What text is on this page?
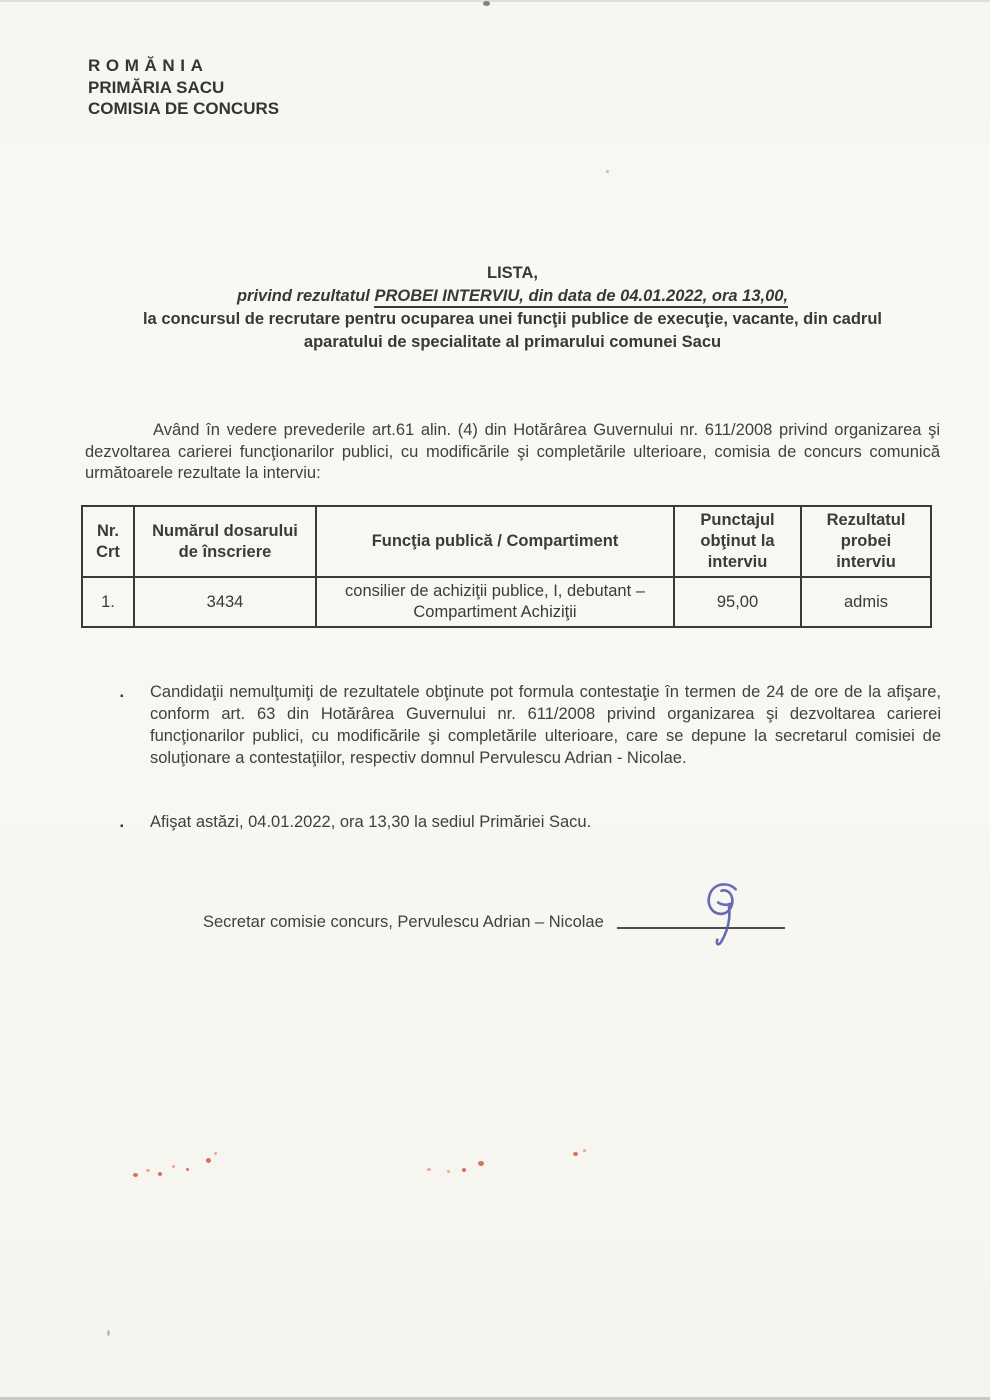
ROMĂNIA
PRIMĂRIA SACU
COMISIA DE CONCURS
LISTA,
privind rezultatul PROBEI INTERVIU, din data de 04.01.2022, ora 13,00,
la concursul de recrutare pentru ocuparea unei funcţii publice de execuţie, vacante, din cadrul
aparatului de specialitate al primarului comunei Sacu
Având în vedere prevederile art.61 alin. (4) din Hotărârea Guvernului nr. 611/2008 privind organizarea şi dezvoltarea carierei funcţionarilor publici, cu modificările şi completările ulterioare, comisia de concurs comunică următoarele rezultate la interviu:
Nr. Crt	Numărul dosarului de înscriere	Funcţia publică / Compartiment	Punctajul obţinut la interviu	Rezultatul probei interviu
1.	3434	consilier de achiziţii publice, I, debutant – Compartiment Achiziţii	95,00	admis
▪ Candidaţii nemulţumiţi de rezultatele obţinute pot formula contestaţie în termen de 24 de ore de la afişare, conform art. 63 din Hotărârea Guvernului nr. 611/2008 privind organizarea şi dezvoltarea carierei funcţionarilor publici, cu modificările şi completările ulterioare, care se depune la secretarul comisiei de soluţionare a contestaţiilor, respectiv domnul Pervulescu Adrian - Nicolae.
▪ Afişat astăzi, 04.01.2022, ora 13,30 la sediul Primăriei Sacu.
Secretar comisie concurs, Pervulescu Adrian – Nicolae
